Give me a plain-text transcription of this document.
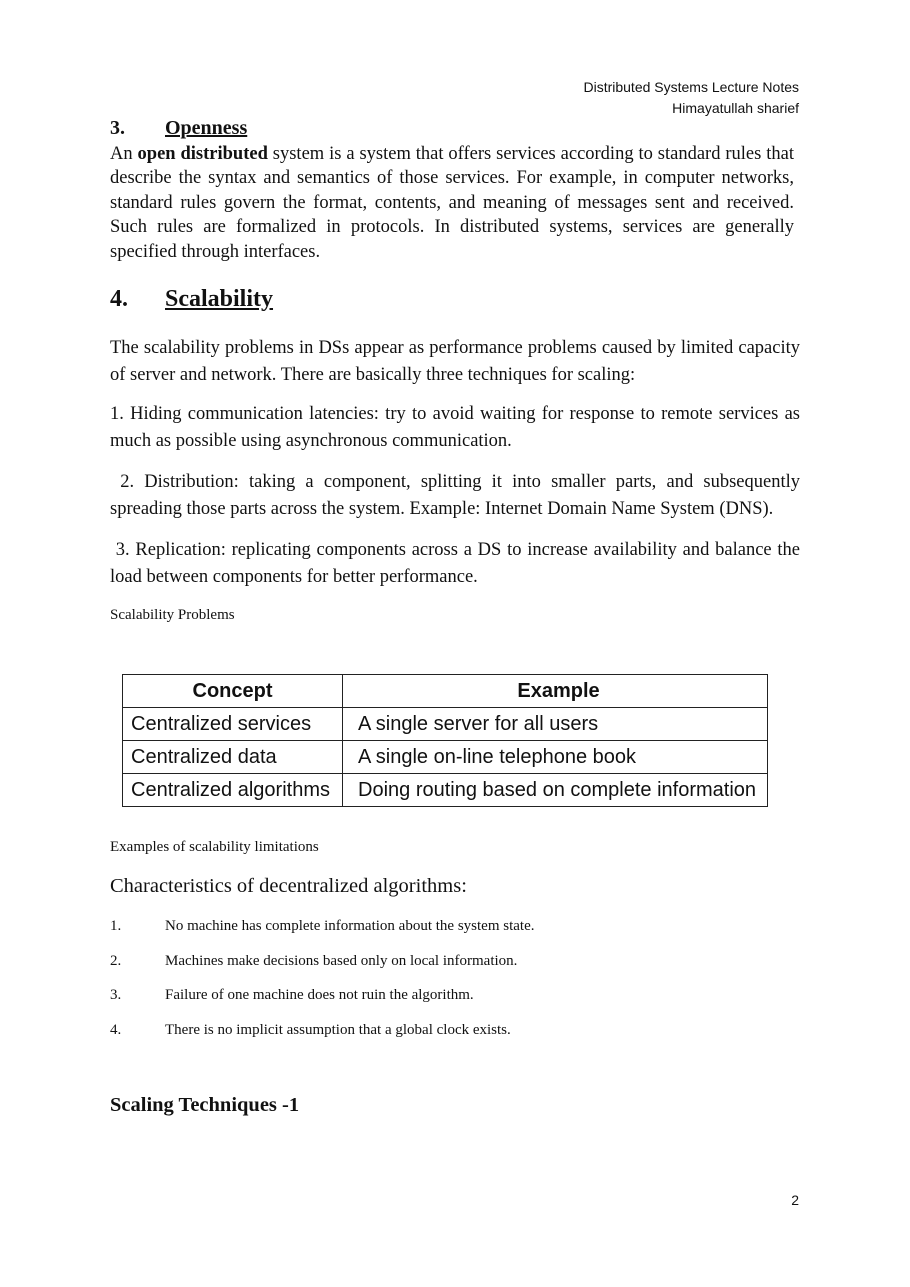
Distributed Systems Lecture Notes
Himayatullah sharief
3.	Openness

An open distributed system is a system that offers services according to standard rules that describe the syntax and semantics of those services. For example, in computer networks, standard rules govern the format, contents, and meaning of messages sent and received. Such rules are formalized in protocols. In distributed systems, services are generally specified through interfaces.

4.	Scalability

The scalability problems in DSs appear as performance problems caused by limited capacity of server and network. There are basically three techniques for scaling:

1. Hiding communication latencies: try to avoid waiting for response to remote services as much as possible using asynchronous communication.

2. Distribution: taking a component, splitting it into smaller parts, and subsequently spreading those parts across the system. Example: Internet Domain Name System (DNS).

3. Replication: replicating components across a DS to increase availability and balance the load between components for better performance.

Scalability Problems
Concept	Example
Centralized services	A single server for all users
Centralized data	A single on-line telephone book
Centralized algorithms	Doing routing based on complete information
Examples of scalability limitations
Characteristics of decentralized algorithms:
1.	No machine has complete information about the system state.
2.	Machines make decisions based only on local information.
3.	Failure of one machine does not ruin the algorithm.
4.	There is no implicit assumption that a global clock exists.
Scaling Techniques -1
2
